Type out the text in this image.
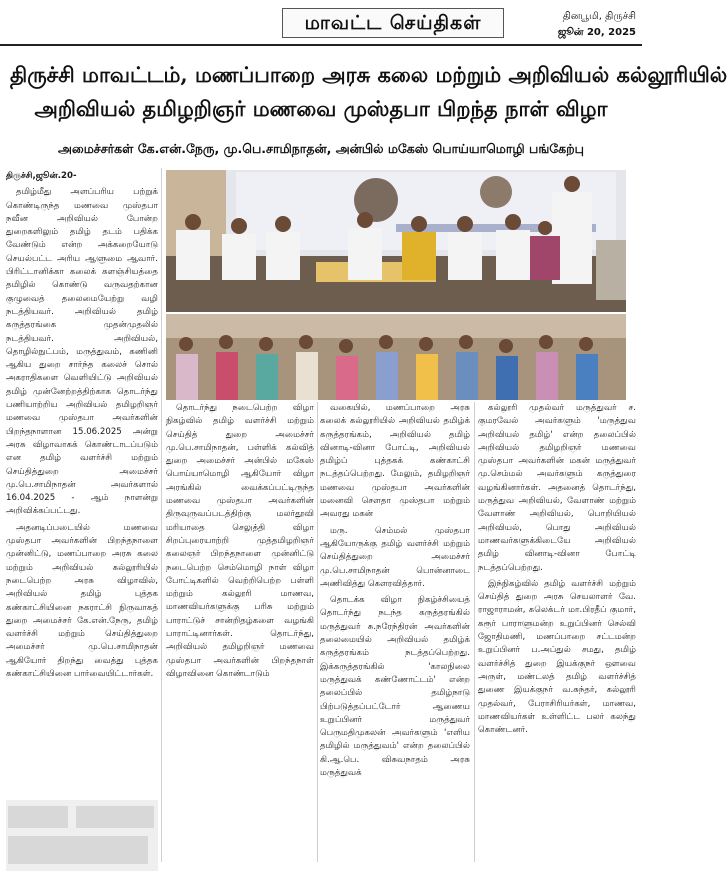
மாவட்ட செய்திகள்	தினபூமி, திருச்சி
ஜூன் 20, 2025
திருச்சி மாவட்டம், மணப்பாறை அரசு கலை மற்றும் அறிவியல் கல்லூரியில்
அறிவியல் தமிழறிஞர் மணவை முஸ்தபா பிறந்த நாள் விழா
அமைச்சர்கள் கே.என்.நேரு, மு.பெ.சாமிநாதன், அன்பில் மகேஸ் பொய்யாமொழி பங்கேற்பு

திருச்சி,ஜூன்.20-

தமிழ்மீது அளப்பரிய பற்றுக் கொண்டிருந்த மணவை முஸ்தபா நவீன அறிவியல் போன்ற துறைகளிலும் தமிழ் தடம் பதிக்க வேண்டும் என்ற அக்கறையோடு செயல்பட்ட அரிய ஆளுமை ஆவார். பிரிட்டானிக்கா கலைக் களஞ்சியத்தை தமிழில் கொண்டு வருவதற்கான குழுவைத் தலைமையேற்று வழி நடத்தியவர். அறிவியல் தமிழ் கருத்தரங்கை முதன்முதலில் நடத்தியவர். அறிவியல், தொழில்நுட்பம், மருத்துவம், கணினி ஆகிய துறை சார்ந்த கலைச் சொல் அகராதிகளை வெளியிட்டு அறிவியல் தமிழ் முன்னேற்றத்திற்காக தொடர்ந்து பணியாற்றிய அறிவியல் தமிழறிஞர் மணவை முஸ்தபா அவர்களின் பிறந்தநாளான 15.06.2025 அன்று அரசு விழாவாகக் கொண்டாடப்படும் என தமிழ் வளர்ச்சி மற்றும் செய்தித்துறை அமைச்சர் மு.பெ.சாமிநாதன் அவர்களால் 16.04.2025 - ஆம் நாளன்று அறிவிக்கப்பட்டது.

அதனடிப்படையில் மணவை முஸ்தபா அவர்களின் பிறந்தநாளை முன்னிட்டு, மணப்பாறை அரசு கலை மற்றும் அறிவியல் கல்லூரியில் நடைபெற்ற அரசு விழாவில், அறிவியல் தமிழ் புத்தக கண்காட்சியினை நகராட்சி நிருவாகத் துறை அமைச்சர் கே.என்.நேரு, தமிழ் வளர்ச்சி மற்றும் செய்தித்துறை அமைச்சர் மு.பெ.சாமிநாதன் ஆகியோர் திறந்து வைத்து புத்தக கண்காட்சியினை பார்வையிட்டார்கள்.

தொடர்ந்து நடைபெற்ற விழா நிகழ்வில் தமிழ் வளர்ச்சி மற்றும் செய்தித் துறை அமைச்சர் மு.பெ.சாமிநாதன், பள்ளிக் கல்வித் துறை அமைச்சர் அன்பில் மகேஸ் பொய்யாமொழி ஆகியோர் விழா அரங்கில் வைக்கப்பட்டிருந்த மணவை முஸ்தபா அவர்களின் திருவுருவப்படத்திற்கு மலர்தூவி மரியாதை செலுத்தி விழா சிறப்புரையாற்றி முத்தமிழறிஞர் கலைஞர் பிறந்தநாளை முன்னிட்டு நடைபெற்ற செம்மொழி நாள் விழா போட்டிகளில் வெற்றிபெற்ற பள்ளி மற்றும் கல்லூரி மாணவ, மாணவியர்களுக்கு பரிசு மற்றும் பாராட்டுச் சான்றிதழ்களை வழங்கி பாராட்டினார்கள். தொடர்ந்து, அறிவியல் தமிழறிஞர் மணவை முஸ்தபா அவர்களின் பிறந்தநாள் விழாவினை கொண்டாடும்

வகையில், மணப்பாறை அரசு கலைக் கல்லூரியில் அறிவியல் தமிழ்க் கருத்தரங்கம், அறிவியல் தமிழ் வினாடி-வினா போட்டி, அறிவியல் தமிழ்ப் புத்தகக் கண்காட்சி நடத்தப்பெற்றது. மேலும், தமிழறிஞர் மணவை முஸ்தபா அவர்களின் மனைவி சௌதா முஸ்தபா மற்றும் அவரது மகன்

மரு. செம்மல் முஸ்தபா ஆகியோருக்கு தமிழ் வளர்ச்சி மற்றும் செய்தித்துறை அமைச்சர் மு.பெ.சாமிநாதன் பொன்னாடை அணிவித்து கௌரவித்தார்.

தொடக்க விழா நிகழ்ச்சியைத் தொடர்ந்து நடந்த கருத்தரங்கில் மருத்துவர் சு.நரேந்திரன் அவர்களின் தலைமையில் அறிவியல் தமிழ்க் கருத்தரங்கம் நடத்தப்பெற்றது. இக்கருத்தரங்கில் 'காலநிலை மருத்துவக் கண்ணோட்டம்' என்ற தலைப்பில் தமிழ்நாடு பிற்படுத்தப்பட்டோர் ஆணைய உறுப்பினர் மருத்துவர் பெருமதிமுகலன் அவர்களும் 'எளிய தமிழில் மருத்துவம்' என்ற தலைப்பில் கி.ஆ.பெ. விசுவநாதம் அரசு மருத்துவக்

கல்லூரி முதல்வர் மருத்துவர் ச. குமரவேல் அவர்களும் 'மருத்துவ அறிவியல் தமிழ்' என்ற தலைப்பில் அறிவியல் தமிழறிஞர் மணவை முஸ்தபா அவர்களின் மகன் மருத்துவர் மு.செம்மல் அவர்களும் கருத்துரை வழங்கினார்கள். அதனைத் தொடர்ந்து, மருத்துவ அறிவியல், வேளாண் மற்றும் வேளாண் அறிவியல், பொறியியல் அறிவியல், பொது அறிவியல் மாணவர்களுக்கிடையே அறிவியல் தமிழ் வினாடி-வினா போட்டி நடத்தப்பெற்றது.

இந்நிகழ்வில் தமிழ் வளர்ச்சி மற்றும் செய்தித் துறை அரசு செயலாளர் வே. ராஜாராமன், கலெக்டர் மா.பிரதீப் குமார், கரூர் பாராளுமன்ற உறுப்பினர் செல்வி ஜோதிமணி, மணப்பாறை சட்டமன்ற உறுப்பினர் ப.அப்துல் சமது, தமிழ் வளர்ச்சித் துறை இயக்குநர் ஔவை அருள், மண்டலத் தமிழ் வளர்ச்சித் துணை இயக்குநர் வ.சுந்தர், கல்லூரி முதல்வர், பேராசிரியர்கள், மாணவ, மாணவியர்கள் உள்ளிட்ட பலர் கலந்து கொண்டனர்.
